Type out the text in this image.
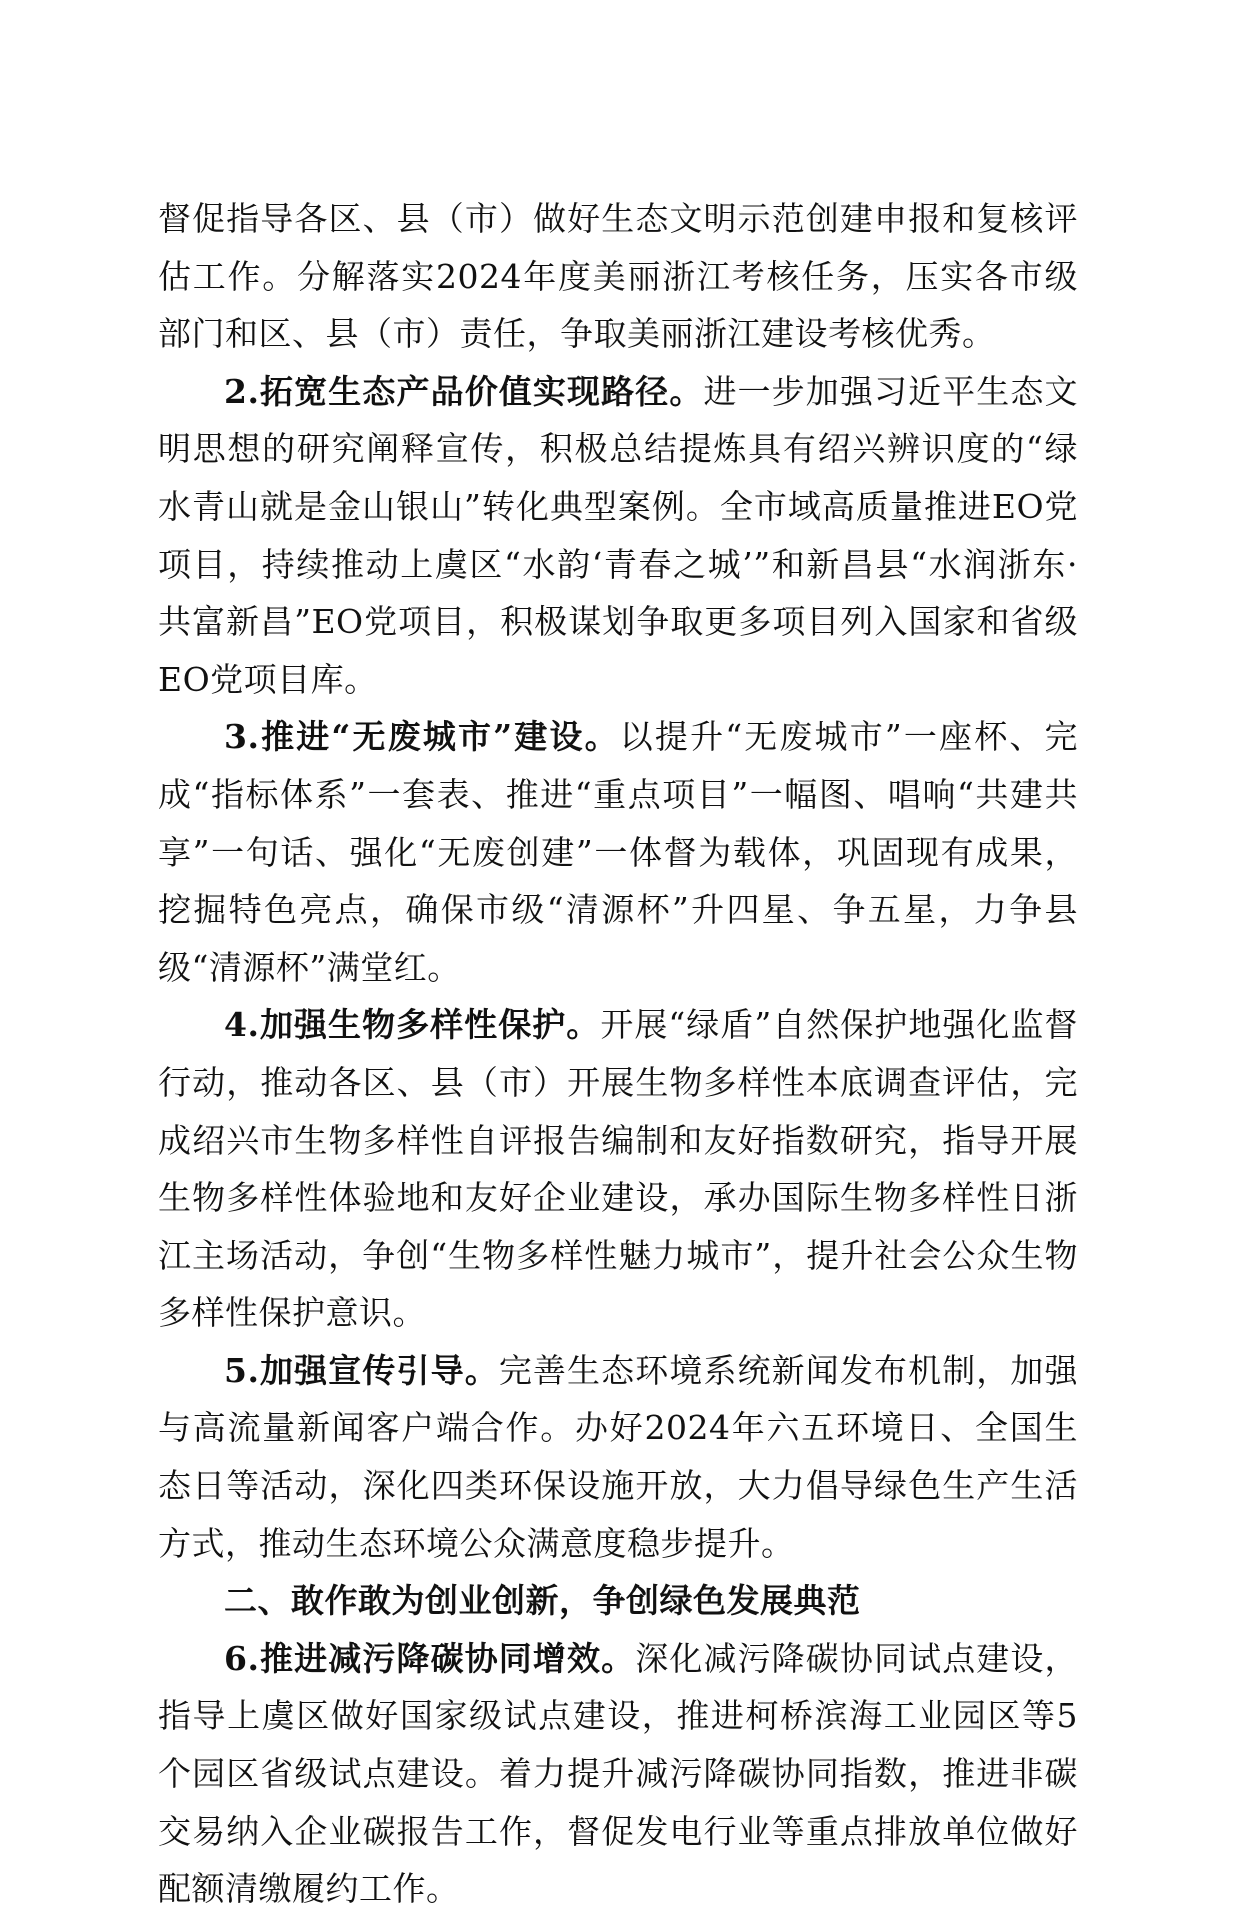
督促指导各区、县（市）做好生态文明示范创建申报和复核评估工作。分解落实2024年度美丽浙江考核任务，压实各市级部门和区、县（市）责任，争取美丽浙江建设考核优秀。

2.拓宽生态产品价值实现路径。进一步加强习近平生态文明思想的研究阐释宣传，积极总结提炼具有绍兴辨识度的“绿水青山就是金山银山”转化典型案例。全市域高质量推进EO党项目，持续推动上虞区“水韵‘青春之城’”和新昌县“水润浙东·共富新昌”EO党项目，积极谋划争取更多项目列入国家和省级EO党项目库。

3.推进“无废城市”建设。以提升“无废城市”一座杯、完成“指标体系”一套表、推进“重点项目”一幅图、唱响“共建共享”一句话、强化“无废创建”一体督为载体，巩固现有成果，挖掘特色亮点，确保市级“清源杯”升四星、争五星，力争县级“清源杯”满堂红。

4.加强生物多样性保护。开展“绿盾”自然保护地强化监督行动，推动各区、县（市）开展生物多样性本底调查评估，完成绍兴市生物多样性自评报告编制和友好指数研究，指导开展生物多样性体验地和友好企业建设，承办国际生物多样性日浙江主场活动，争创“生物多样性魅力城市”，提升社会公众生物多样性保护意识。

5.加强宣传引导。完善生态环境系统新闻发布机制，加强与高流量新闻客户端合作。办好2024年六五环境日、全国生态日等活动，深化四类环保设施开放，大力倡导绿色生产生活方式，推动生态环境公众满意度稳步提升。

二、敢作敢为创业创新，争创绿色发展典范

6.推进减污降碳协同增效。深化减污降碳协同试点建设，指导上虞区做好国家级试点建设，推进柯桥滨海工业园区等5个园区省级试点建设。着力提升减污降碳协同指数，推进非碳交易纳入企业碳报告工作，督促发电行业等重点排放单位做好配额清缴履约工作。
